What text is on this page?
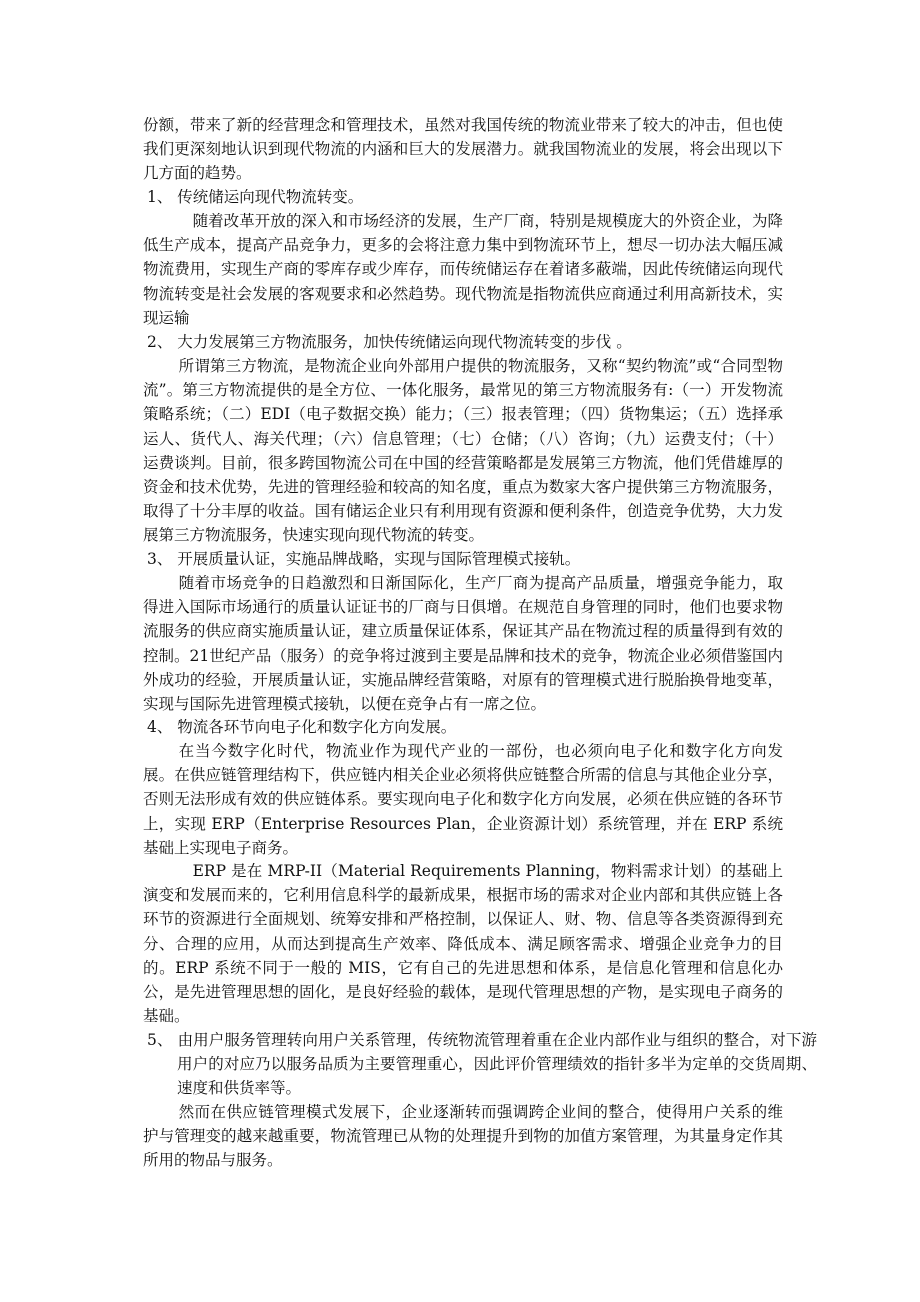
份额，带来了新的经营理念和管理技术，虽然对我国传统的物流业带来了较大的冲击，但也使我们更深刻地认识到现代物流的内涵和巨大的发展潜力。就我国物流业的发展，将会出现以下几方面的趋势。

1、 传统储运向现代物流转变。

随着改革开放的深入和市场经济的发展，生产厂商，特别是规模庞大的外资企业，为降低生产成本，提高产品竞争力，更多的会将注意力集中到物流环节上，想尽一切办法大幅压减物流费用，实现生产商的零库存或少库存，而传统储运存在着诸多蔽端，因此传统储运向现代物流转变是社会发展的客观要求和必然趋势。现代物流是指物流供应商通过利用高新技术，实现运输

2、 大力发展第三方物流服务，加快传统储运向现代物流转变的步伐 。

所谓第三方物流，是物流企业向外部用户提供的物流服务，又称“契约物流”或“合同型物流”。第三方物流提供的是全方位、一体化服务，最常见的第三方物流服务有:（一）开发物流策略系统；（二）EDI（电子数据交换）能力；（三）报表管理；（四）货物集运；（五）选择承运人、货代人、海关代理；（六）信息管理；（七）仓储；（八）咨询；（九）运费支付；（十）运费谈判。目前，很多跨国物流公司在中国的经营策略都是发展第三方物流，他们凭借雄厚的资金和技术优势，先进的管理经验和较高的知名度，重点为数家大客户提供第三方物流服务，取得了十分丰厚的收益。国有储运企业只有利用现有资源和便利条件，创造竞争优势，大力发展第三方物流服务，快速实现向现代物流的转变。

3、 开展质量认证，实施品牌战略，实现与国际管理模式接轨。

随着市场竞争的日趋激烈和日渐国际化，生产厂商为提高产品质量，增强竞争能力，取得进入国际市场通行的质量认证证书的厂商与日俱增。在规范自身管理的同时，他们也要求物流服务的供应商实施质量认证，建立质量保证体系，保证其产品在物流过程的质量得到有效的控制。21世纪产品（服务）的竞争将过渡到主要是品牌和技术的竞争，物流企业必须借鉴国内外成功的经验，开展质量认证，实施品牌经营策略，对原有的管理模式进行脱胎换骨地变革，实现与国际先进管理模式接轨，以便在竞争占有一席之位。

4、 物流各环节向电子化和数字化方向发展。

在当今数字化时代，物流业作为现代产业的一部份，也必须向电子化和数字化方向发展。在供应链管理结构下，供应链内相关企业必须将供应链整合所需的信息与其他企业分享，否则无法形成有效的供应链体系。要实现向电子化和数字化方向发展，必须在供应链的各环节上，实现 ERP（Enterprise Resources Plan，企业资源计划）系统管理，并在 ERP 系统基础上实现电子商务。

ERP 是在 MRP-II（Material Requirements Planning，物料需求计划）的基础上演变和发展而来的，它利用信息科学的最新成果，根据市场的需求对企业内部和其供应链上各环节的资源进行全面规划、统筹安排和严格控制，以保证人、财、物、信息等各类资源得到充分、合理的应用，从而达到提高生产效率、降低成本、满足顾客需求、增强企业竞争力的目的。ERP 系统不同于一般的 MIS，它有自己的先进思想和体系，是信息化管理和信息化办公，是先进管理思想的固化，是良好经验的载体，是现代管理思想的产物，是实现电子商务的基础。

5、 由用户服务管理转向用户关系管理，传统物流管理着重在企业内部作业与组织的整合，对下游用户的对应乃以服务品质为主要管理重心，因此评价管理绩效的指针多半为定单的交货周期、速度和供货率等。

然而在供应链管理模式发展下，企业逐渐转而强调跨企业间的整合，使得用户关系的维护与管理变的越来越重要，物流管理已从物的处理提升到物的加值方案管理，为其量身定作其所用的物品与服务。
